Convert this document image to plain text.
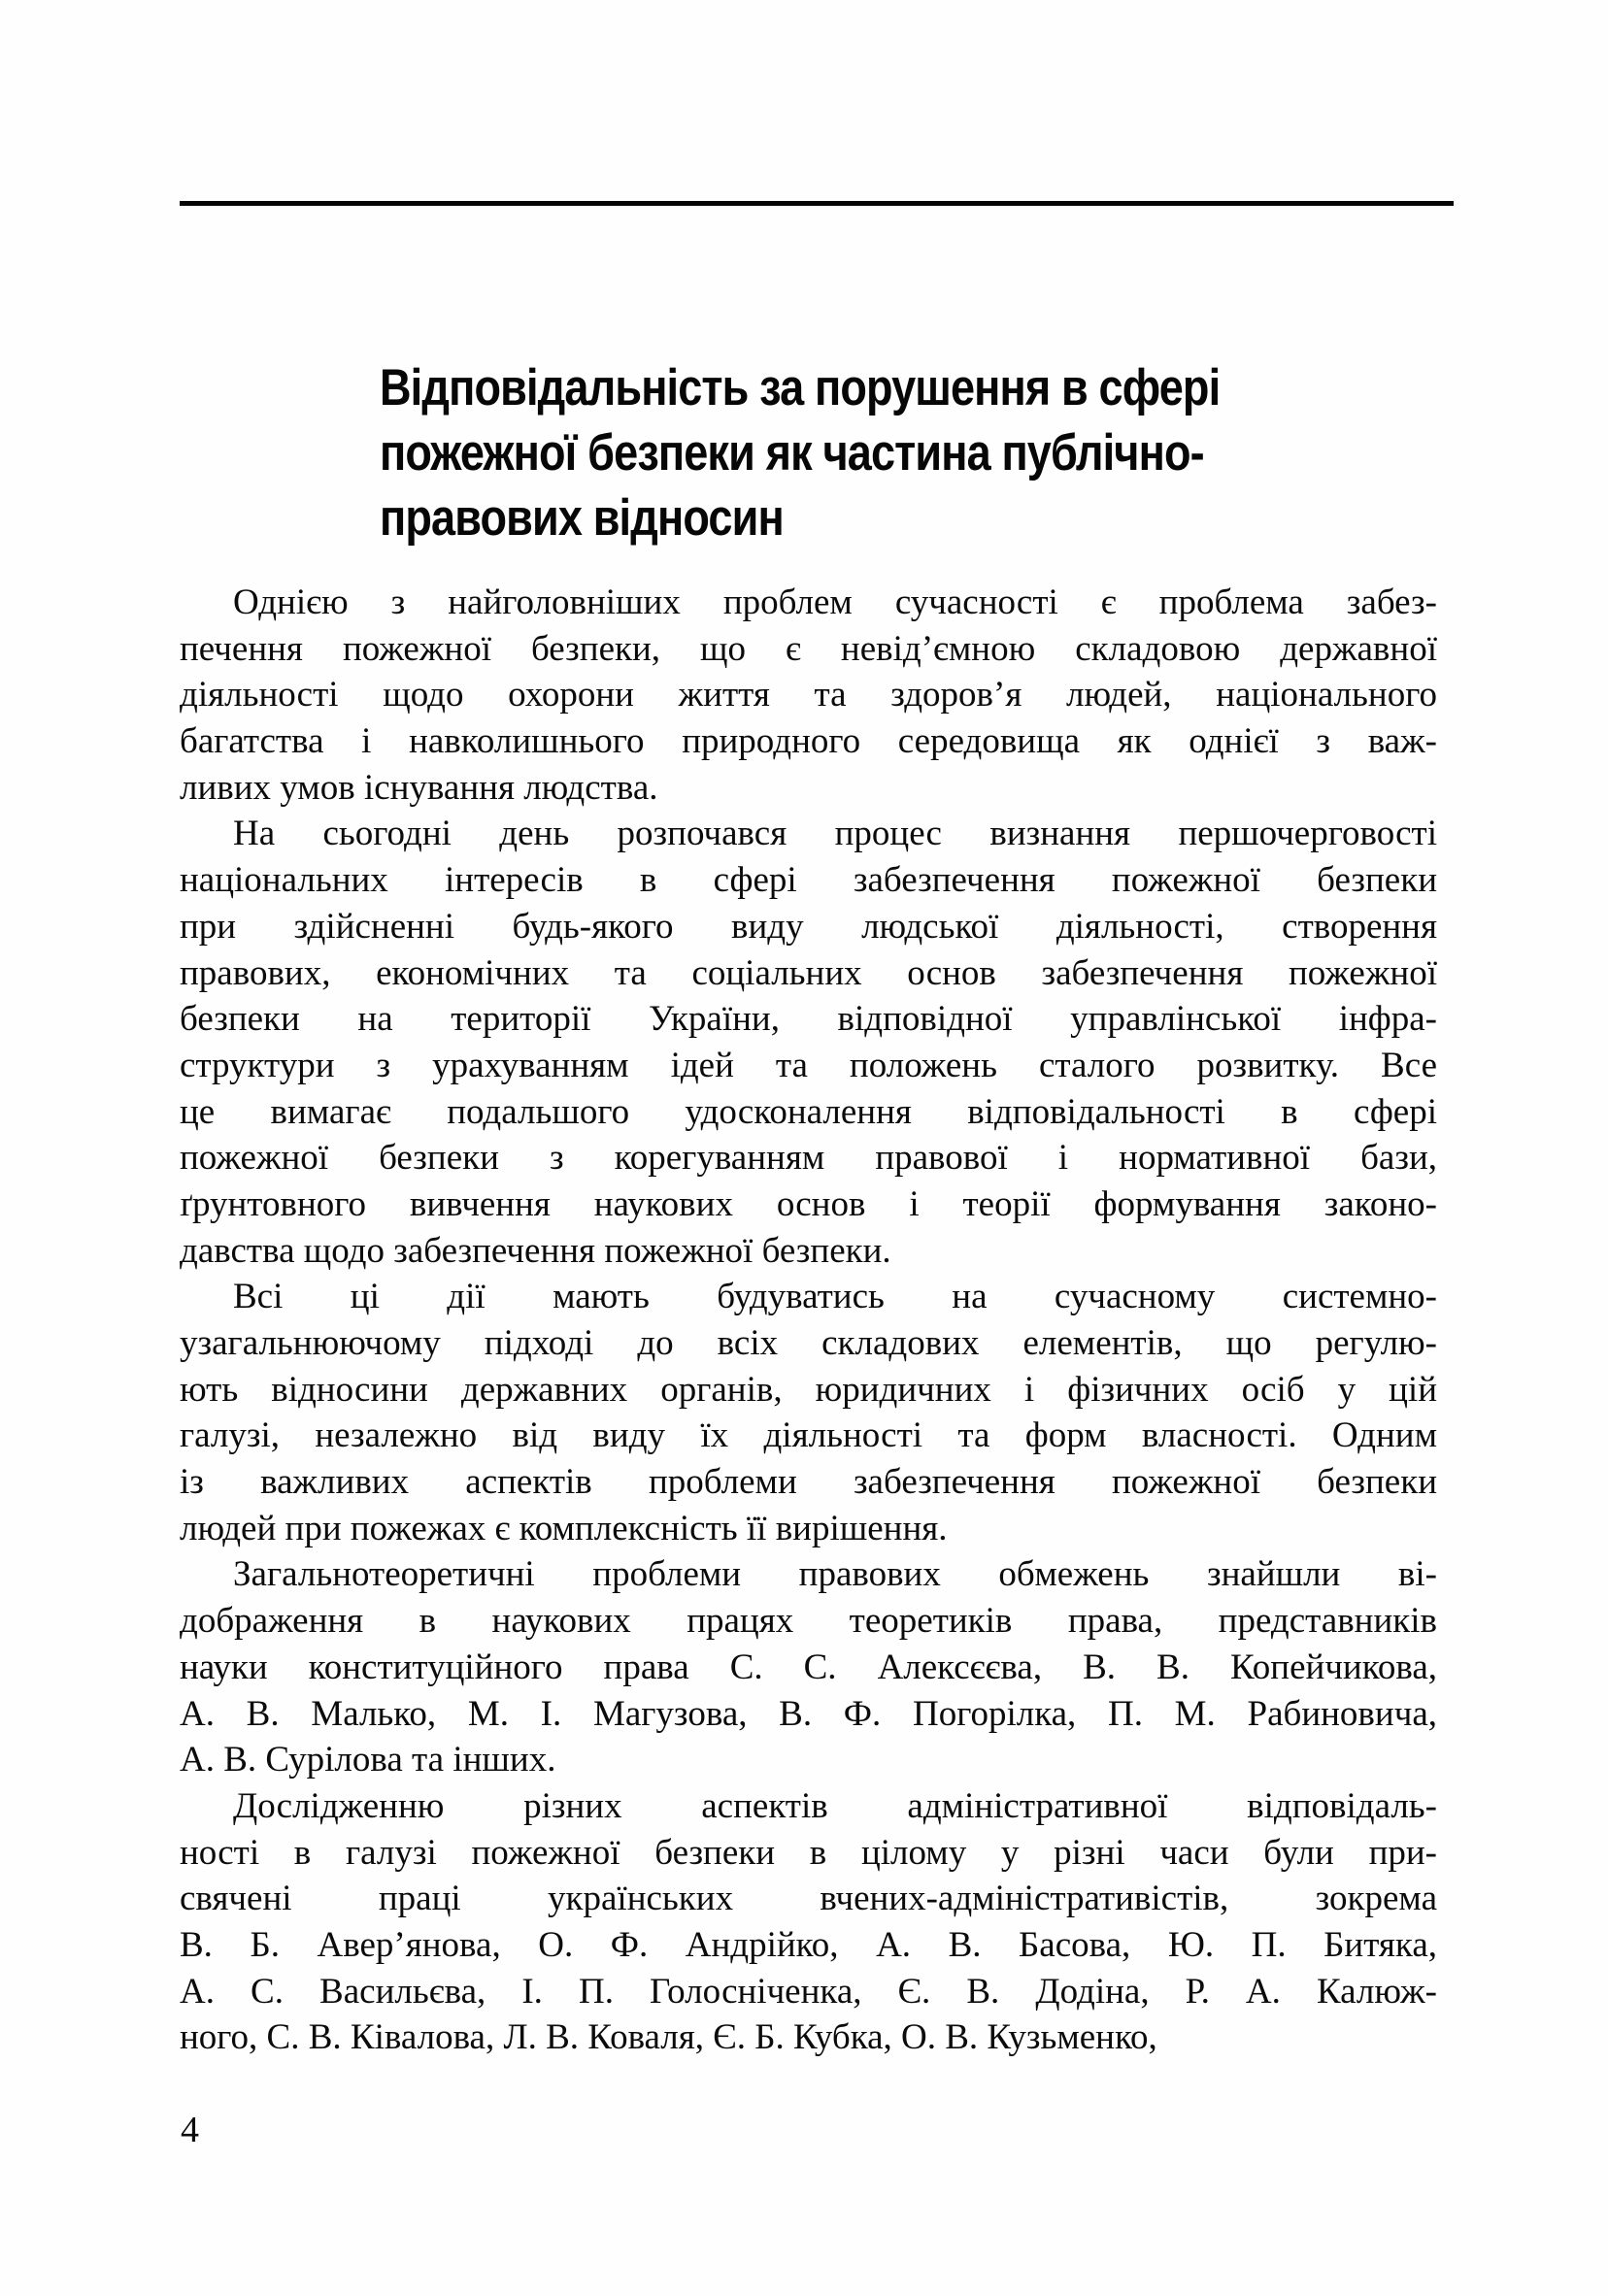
Відповідальність за порушення в сфері
пожежної безпеки як частина публічно-
правових відносин
Однією з найголовніших проблем сучасності є проблема забез-
печення пожежної безпеки, що є невід’ємною складовою державної
діяльності щодо охорони життя та здоров’я людей, національного
багатства і навколишнього природного середовища як однієї з важ-
ливих умов існування людства.
На сьогодні день розпочався процес визнання першочерговості
національних інтересів в сфері забезпечення пожежної безпеки
при здійсненні будь-якого виду людської діяльності, створення
правових, економічних та соціальних основ забезпечення пожежної
безпеки на території України, відповідної управлінської інфра-
структури з урахуванням ідей та положень сталого розвитку. Все
це вимагає подальшого удосконалення відповідальності в сфері
пожежної безпеки з корегуванням правової і нормативної бази,
ґрунтовного вивчення наукових основ і теорії формування законо-
давства щодо забезпечення пожежної безпеки.
Всі ці дії мають будуватись на сучасному системно-
узагальнюючому підході до всіх складових елементів, що регулю-
ють відносини державних органів, юридичних і фізичних осіб у цій
галузі, незалежно від виду їх діяльності та форм власності. Одним
із важливих аспектів проблеми забезпечення пожежної безпеки
людей при пожежах є комплексність її вирішення.
Загальнотеоретичні проблеми правових обмежень знайшли ві-
дображення в наукових працях теоретиків права, представників
науки конституційного права С. С. Алексєєва, В. В. Копейчикова,
А. В. Малько, М. І. Магузова, В. Ф. Погорілка, П. М. Рабиновича,
А. В. Сурілова та інших.
Дослідженню різних аспектів адміністративної відповідаль-
ності в галузі пожежної безпеки в цілому у різні часи були при-
свячені праці українських вчених-адміністративістів, зокрема
В. Б. Авер’янова, О. Ф. Андрійко, А. В. Басова, Ю. П. Битяка,
А. С. Васильєва, І. П. Голосніченка, Є. В. Додіна, Р. А. Калюж-
ного, С. В. Ківалова, Л. В. Коваля, Є. Б. Кубка, О. В. Кузьменко,
4
